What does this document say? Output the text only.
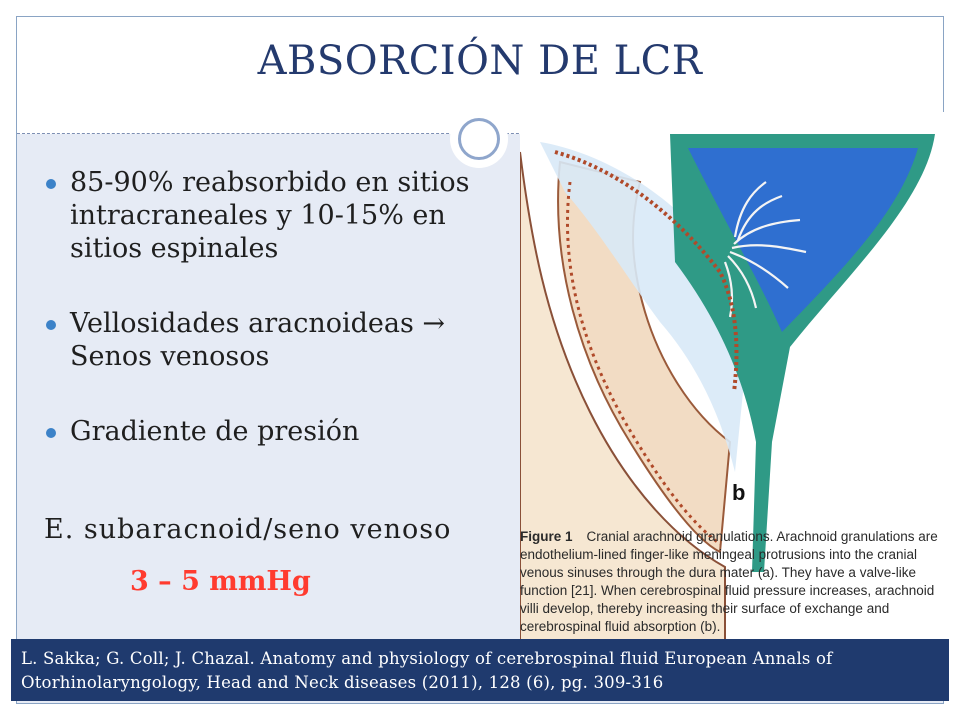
ABSORCIÓN DE LCR
85-90% reabsorbido en sitios intracraneales y 10-15% en sitios espinales
Vellosidades aracnoideas → Senos venosos
Gradiente de presión
E. subaracnoid/seno venoso
3 – 5 mmHg
b
Figure 1 Cranial arachnoid granulations. Arachnoid granulations are endothelium-lined finger-like meningeal protrusions into the cranial venous sinuses through the dura mater (a). They have a valve-like function [21]. When cerebrospinal fluid pressure increases, arachnoid villi develop, thereby increasing their surface of exchange and cerebrospinal fluid absorption (b).
L. Sakka; G. Coll; J. Chazal. Anatomy and physiology of cerebrospinal fluid European Annals of Otorhinolaryngology, Head and Neck diseases (2011), 128 (6), pg. 309-316
